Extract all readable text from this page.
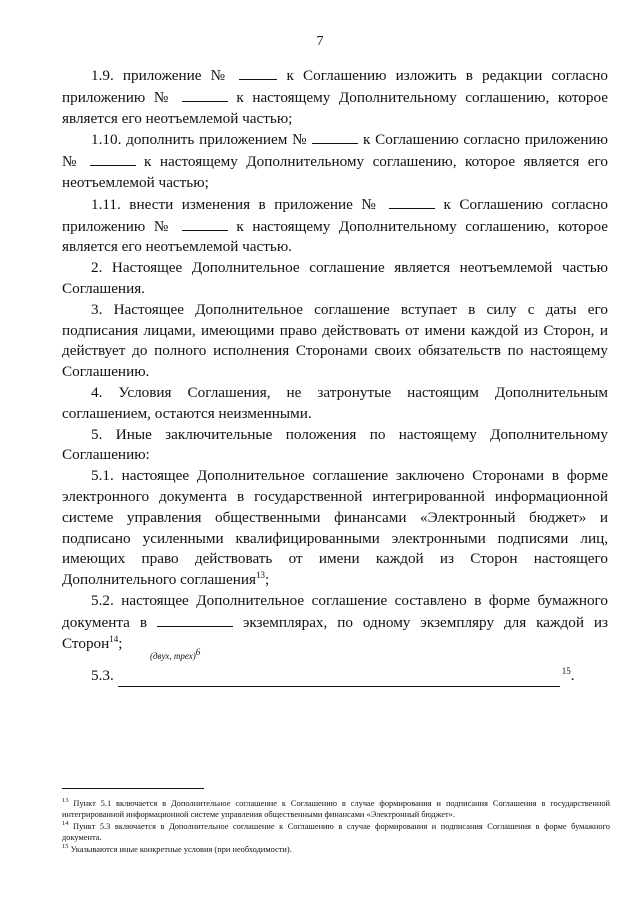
7

1.9. приложение №	к Соглашению изложить в редакции согласно приложению №	к настоящему Дополнительному соглашению, которое является его неотъемлемой частью;

1.10. дополнить приложением №	к Соглашению согласно приложению №	к настоящему Дополнительному соглашению, которое является его неотъемлемой частью;

1.11. внести изменения в приложение №	к Соглашению согласно приложению №	к настоящему Дополнительному соглашению, которое является его неотъемлемой частью.

2. Настоящее Дополнительное соглашение является неотъемлемой частью Соглашения.

3. Настоящее Дополнительное соглашение вступает в силу с даты его подписания лицами, имеющими право действовать от имени каждой из Сторон, и действует до полного исполнения Сторонами своих обязательств по настоящему Соглашению.

4. Условия Соглашения, не затронутые настоящим Дополнительным соглашением, остаются неизменными.

5. Иные заключительные положения по настоящему Дополнительному Соглашению:

5.1. настоящее Дополнительное соглашение заключено Сторонами в форме электронного документа в государственной интегрированной информационной системе управления общественными финансами «Электронный бюджет» и подписано усиленными квалифицированными электронными подписями лиц, имеющих право действовать от имени каждой из Сторон настоящего Дополнительного соглашения$^{13}$;

5.2. настоящее Дополнительное соглашение составлено в форме бумажного документа в	экземплярах, по одному экземпляру для каждой из Сторон$^{14}$;

(двух, трех)$^6$
5.3.	$^{15}$.

$^{13}$ Пункт 5.1 включается в Дополнительное соглашение к Соглашению в случае формирования и подписания Соглашения в государственной интегрированной информационной системе управления общественными финансами «Электронный бюджет».

$^{14}$ Пункт 5.3 включается в Дополнительное соглашение к Соглашению в случае формирования и подписания Соглашения в форме бумажного документа.

$^{15}$ Указываются иные конкретные условия (при необходимости).
